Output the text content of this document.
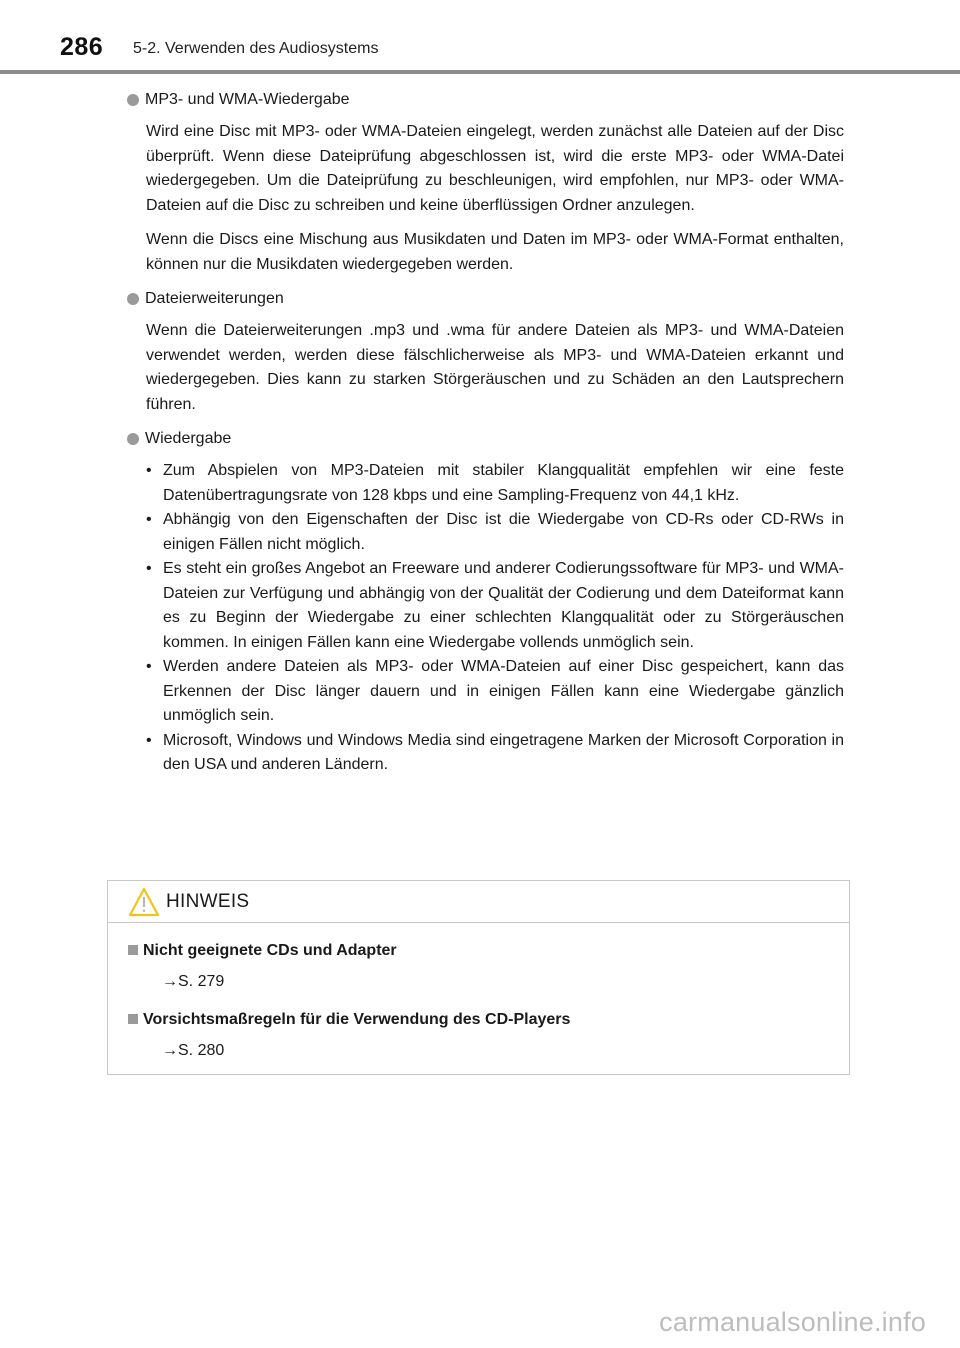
286 5-2. Verwenden des Audiosystems
MP3- und WMA-Wiedergabe

Wird eine Disc mit MP3- oder WMA-Dateien eingelegt, werden zunächst alle Dateien auf der Disc überprüft. Wenn diese Dateiprüfung abgeschlossen ist, wird die erste MP3- oder WMA-Datei wiedergegeben. Um die Dateiprüfung zu beschleunigen, wird empfohlen, nur MP3- oder WMA-Dateien auf die Disc zu schreiben und keine überflüssigen Ordner anzulegen.

Wenn die Discs eine Mischung aus Musikdaten und Daten im MP3- oder WMA-Format enthalten, können nur die Musikdaten wiedergegeben werden.

Dateierweiterungen

Wenn die Dateierweiterungen .mp3 und .wma für andere Dateien als MP3- und WMA-Dateien verwendet werden, werden diese fälschlicherweise als MP3- und WMA-Dateien erkannt und wiedergegeben. Dies kann zu starken Störgeräuschen und zu Schäden an den Lautsprechern führen.

Wiedergabe
• Zum Abspielen von MP3-Dateien mit stabiler Klangqualität empfehlen wir eine feste Datenübertragungsrate von 128 kbps und eine Sampling-Frequenz von 44,1 kHz.
• Abhängig von den Eigenschaften der Disc ist die Wiedergabe von CD-Rs oder CD-RWs in einigen Fällen nicht möglich.
• Es steht ein großes Angebot an Freeware und anderer Codierungssoftware für MP3- und WMA-Dateien zur Verfügung und abhängig von der Qualität der Codierung und dem Dateiformat kann es zu Beginn der Wiedergabe zu einer schlechten Klangqualität oder zu Störgeräuschen kommen. In einigen Fällen kann eine Wiedergabe vollends unmöglich sein.
• Werden andere Dateien als MP3- oder WMA-Dateien auf einer Disc gespeichert, kann das Erkennen der Disc länger dauern und in einigen Fällen kann eine Wiedergabe gänzlich unmöglich sein.
• Microsoft, Windows und Windows Media sind eingetragene Marken der Microsoft Corporation in den USA und anderen Ländern.
HINWEIS
Nicht geeignete CDs und Adapter
→S. 279
Vorsichtsmaßregeln für die Verwendung des CD-Players
→S. 280
carmanualsonline.info
